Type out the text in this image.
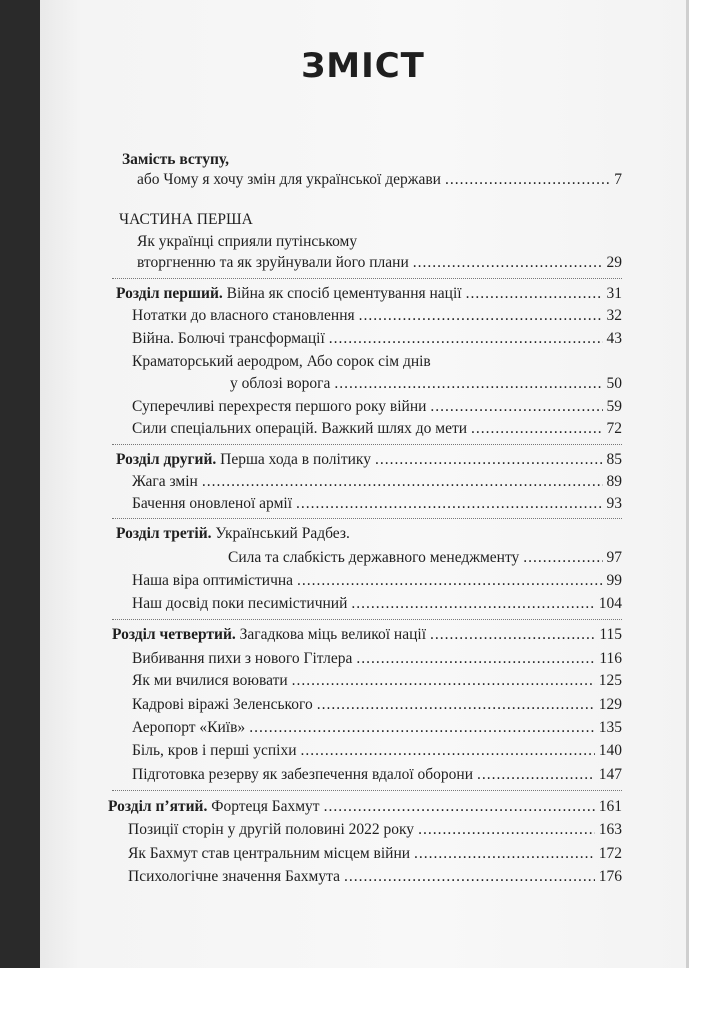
ЗМІСТ
Замість вступу,
або Чому я хочу змін для української держави .....	7
ЧАСТИНА ПЕРША
Як українці сприяли путінському
вторгненню та як зруйнували його плани .....	29
Розділ перший. Війна як спосіб цементування нації .....	31
Нотатки до власного становлення .....	32
Війна. Болючі трансформації .....	43
Краматорський аеродром, Або сорок сім днів
у облозі ворога .....	50
Суперечливі перехрестя першого року війни .....	59
Сили спеціальних операцій. Важкий шлях до мети .....	72
Розділ другий. Перша хода в політику .....	85
Жага змін .....	89
Бачення оновленої армії .....	93
Розділ третій. Український Радбез.
Сила та слабкість державного менеджменту .....	97
Наша віра оптимістична .....	99
Наш досвід поки песимістичний .....	104
Розділ четвертий. Загадкова міць великої нації .....	115
Вибивання пихи з нового Гітлера .....	116
Як ми вчилися воювати .....	125
Кадрові віражі Зеленського .....	129
Аеропорт «Київ» .....	135
Біль, кров і перші успіхи .....	140
Підготовка резерву як забезпечення вдалої оборони .....	147
Розділ п’ятий. Фортеця Бахмут .....	161
Позиції сторін у другій половині 2022 року .....	163
Як Бахмут став центральним місцем війни .....	172
Психологічне значення Бахмута .....	176
